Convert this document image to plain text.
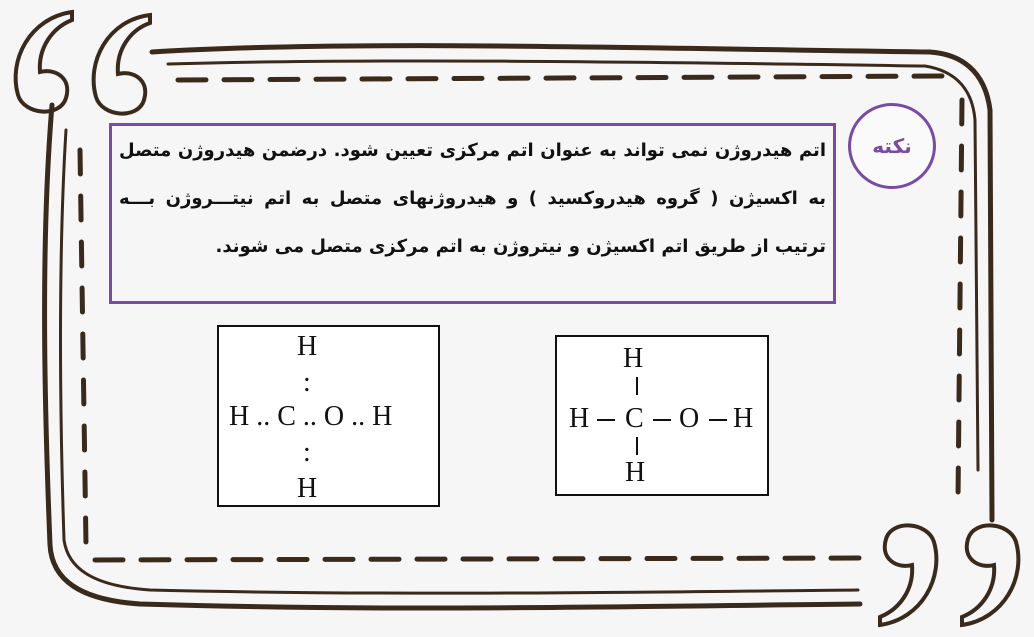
اتم هیدروژن نمی تواند به عنوان اتم مرکزی تعیین شود. درضمن هیدروژن متصل به اکسیژن ( گروه هیدروکسید ) و هیدروژنهای متصل به اتم نیتـــروژن بـــه ترتیب از طریق اتم اکسیژن و نیتروژن به اتم مرکزی متصل می شوند.
نکته
H
:
H .. C .. O .. H
:
H
H
H C O H
H
